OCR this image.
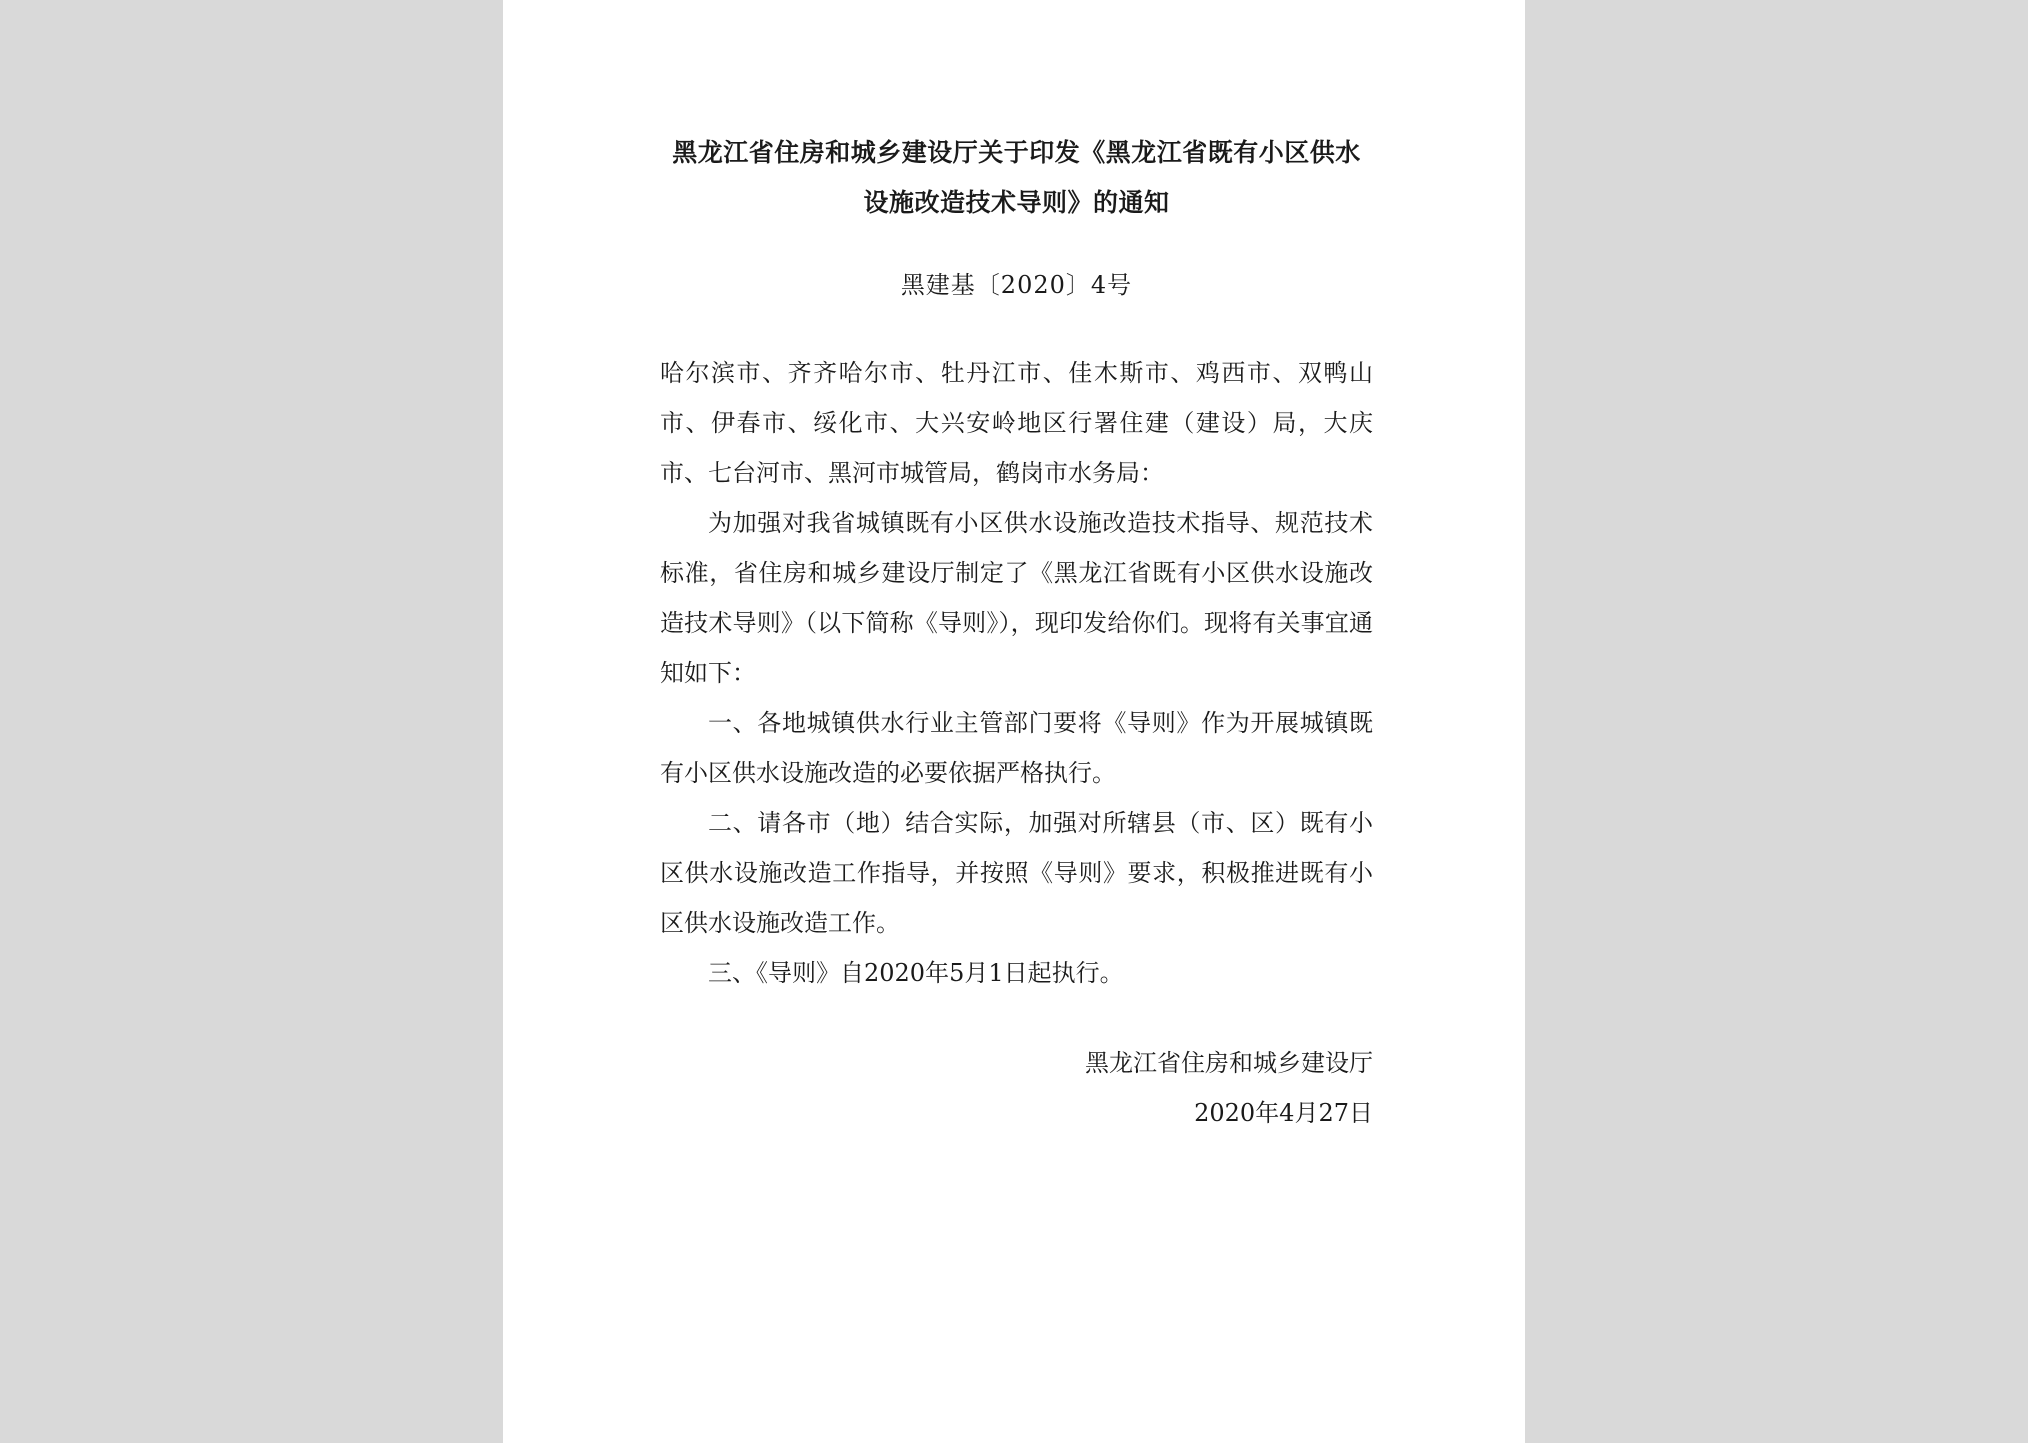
黑龙江省住房和城乡建设厅关于印发《黑龙江省既有小区供水设施改造技术导则》的通知
黑建基〔2020〕4号

哈尔滨市、齐齐哈尔市、牡丹江市、佳木斯市、鸡西市、双鸭山市、伊春市、绥化市、大兴安岭地区行署住建（建设）局，大庆市、七台河市、黑河市城管局，鹤岗市水务局：

为加强对我省城镇既有小区供水设施改造技术指导、规范技术标准，省住房和城乡建设厅制定了《黑龙江省既有小区供水设施改造技术导则》（以下简称《导则》），现印发给你们。现将有关事宜通知如下：

一、各地城镇供水行业主管部门要将《导则》作为开展城镇既有小区供水设施改造的必要依据严格执行。

二、请各市（地）结合实际，加强对所辖县（市、区）既有小区供水设施改造工作指导，并按照《导则》要求，积极推进既有小区供水设施改造工作。

三、《导则》自2020年5月1日起执行。

黑龙江省住房和城乡建设厅
2020年4月27日
